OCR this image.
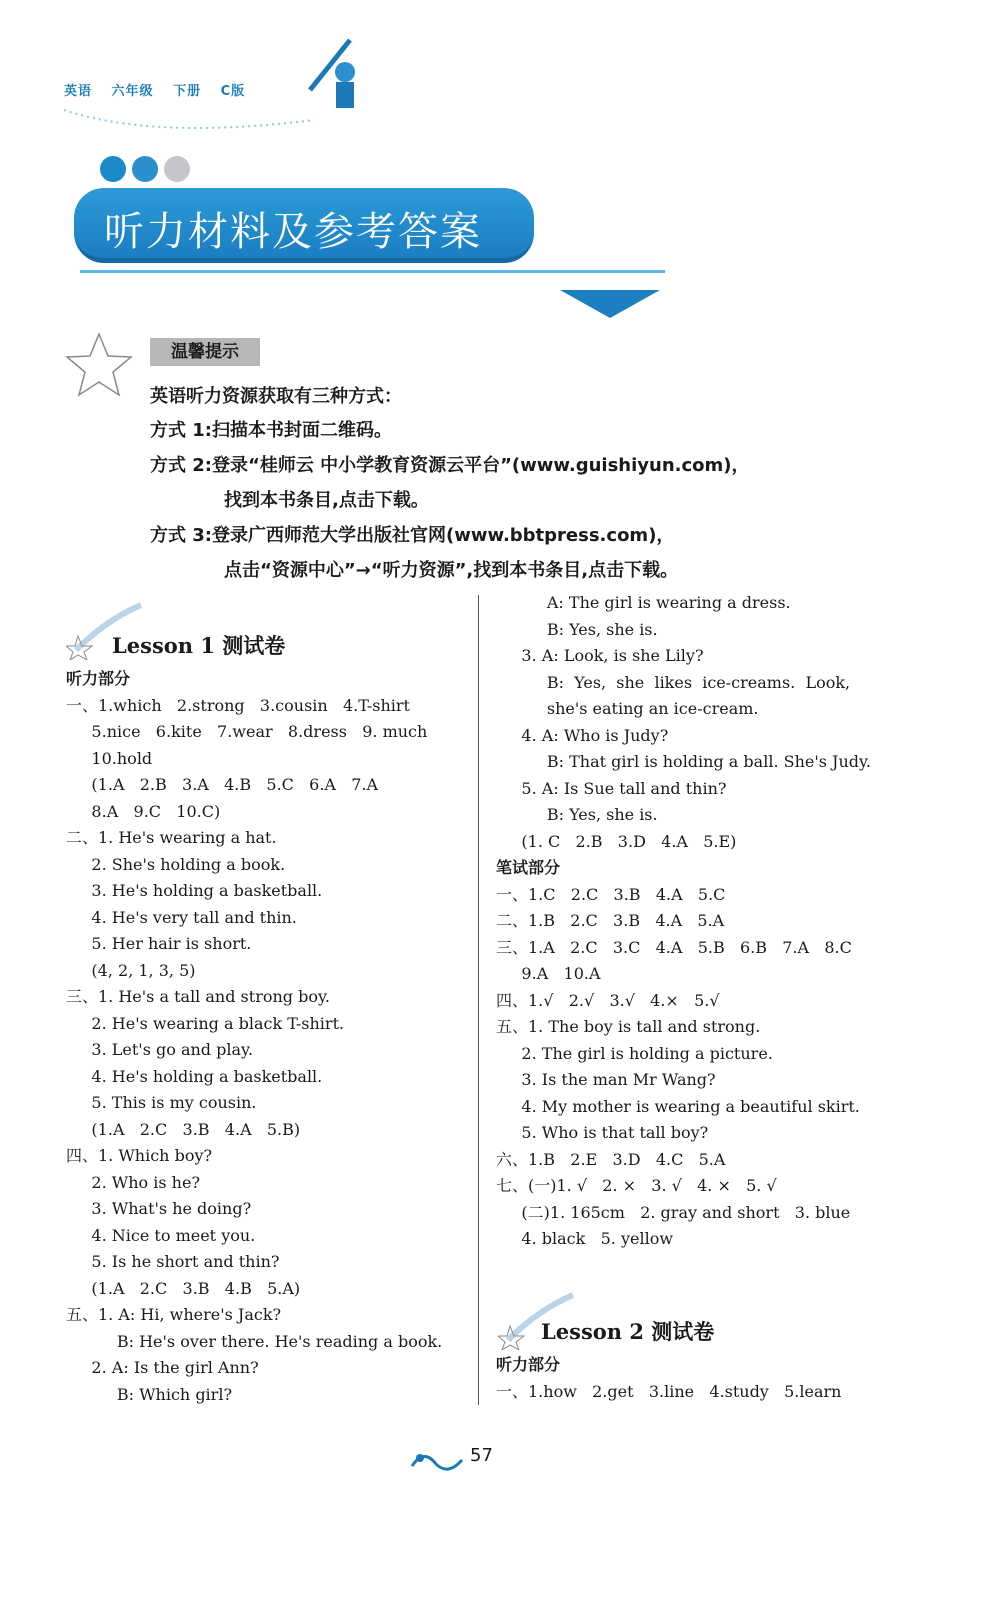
英语 六年级 下册 C版
听力材料及参考答案
温馨提示
英语听力资源获取有三种方式：
方式 1:扫描本书封面二维码。
方式 2:登录“桂师云 中小学教育资源云平台”(www.guishiyun.com)，
找到本书条目,点击下载。
方式 3:登录广西师范大学出版社官网(www.bbtpress.com)，
点击“资源中心”→“听力资源”,找到本书条目,点击下载。
Lesson 1 测试卷
听力部分
一、1.which   2.strong   3.cousin   4.T-shirt
5.nice   6.kite   7.wear   8.dress   9. much
10.hold
(1.A   2.B   3.A   4.B   5.C   6.A   7.A
8.A   9.C   10.C)
二、1. He's wearing a hat.
2. She's holding a book.
3. He's holding a basketball.
4. He's very tall and thin.
5. Her hair is short.
(4, 2, 1, 3, 5)
三、1. He's a tall and strong boy.
2. He's wearing a black T-shirt.
3. Let's go and play.
4. He's holding a basketball.
5. This is my cousin.
(1.A   2.C   3.B   4.A   5.B)
四、1. Which boy?
2. Who is he?
3. What's he doing?
4. Nice to meet you.
5. Is he short and thin?
(1.A   2.C   3.B   4.B   5.A)
五、1. A: Hi, where's Jack?
B: He's over there. He's reading a book.
2. A: Is the girl Ann?
B: Which girl?
A: The girl is wearing a dress.
B: Yes, she is.
3. A: Look, is she Lily?
B:  Yes,  she  likes  ice-creams.  Look,
she's eating an ice-cream.
4. A: Who is Judy?
B: That girl is holding a ball. She's Judy.
5. A: Is Sue tall and thin?
B: Yes, she is.
(1. C   2.B   3.D   4.A   5.E)
笔试部分
一、1.C   2.C   3.B   4.A   5.C
二、1.B   2.C   3.B   4.A   5.A
三、1.A   2.C   3.C   4.A   5.B   6.B   7.A   8.C
9.A   10.A
四、1.√   2.√   3.√   4.×   5.√
五、1. The boy is tall and strong.
2. The girl is holding a picture.
3. Is the man Mr Wang?
4. My mother is wearing a beautiful skirt.
5. Who is that tall boy?
六、1.B   2.E   3.D   4.C   5.A
七、(一)1. √   2. ×   3. √   4. ×   5. √
(二)1. 165cm   2. gray and short   3. blue
4. black   5. yellow
Lesson 2 测试卷
听力部分
一、1.how   2.get   3.line   4.study   5.learn
57
